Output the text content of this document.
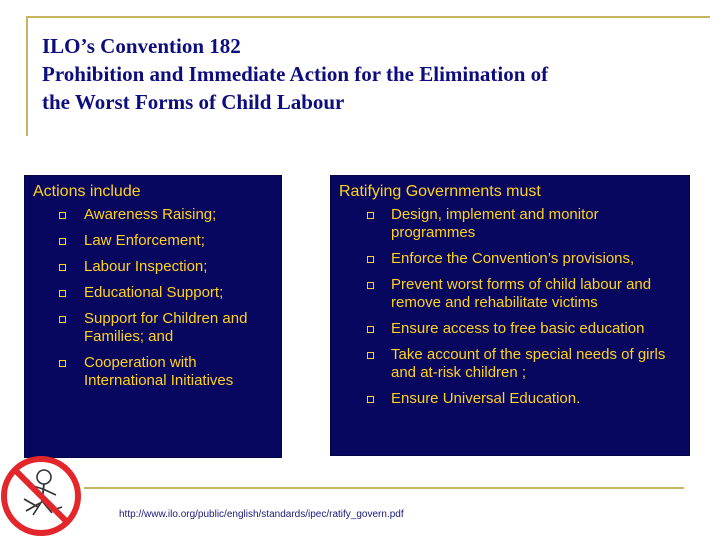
ILO’s Convention 182
Prohibition and Immediate Action for the Elimination of
the Worst Forms of Child Labour
Actions include
Awareness Raising;
Law Enforcement;
Labour Inspection;
Educational Support;
Support for Children and Families; and
Cooperation with International Initiatives
Ratifying Governments must
Design, implement and monitor programmes
Enforce the Convention’s provisions,
Prevent worst forms of child labour and remove and rehabilitate victims
Ensure access to free basic education
Take account of the special needs of girls and at-risk children ;
Ensure Universal Education.
http://www.ilo.org/public/english/standards/ipec/ratify_govern.pdf
